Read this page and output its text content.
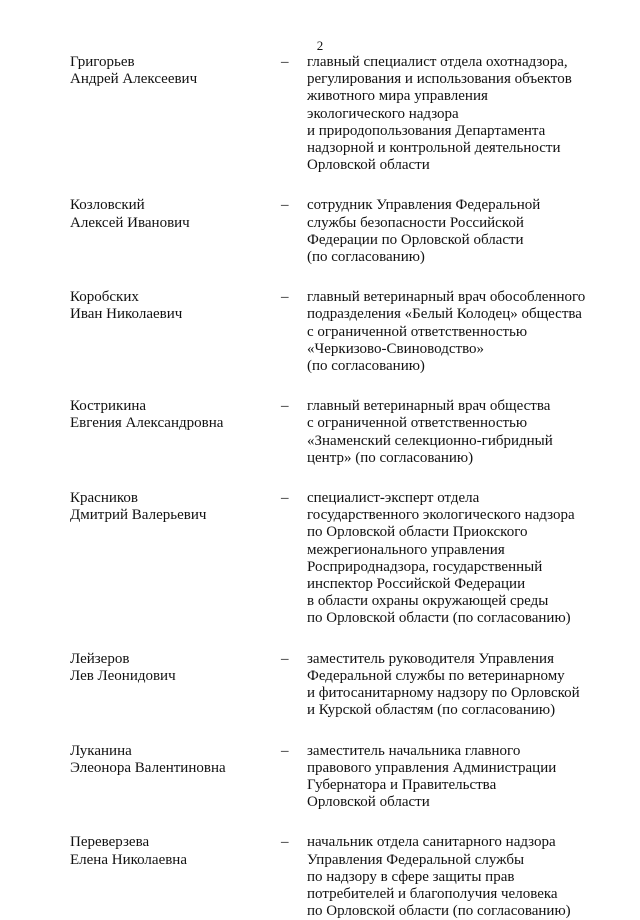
2
Григорьев
Андрей Алексеевич
–	главный специалист отдела охотнадзора,
регулирования и использования объектов
животного мира управления
экологического надзора
и природопользования Департамента
надзорной и контрольной деятельности
Орловской области
Козловский
Алексей Иванович
–	сотрудник Управления Федеральной
службы безопасности Российской
Федерации по Орловской области
(по согласованию)
Коробских
Иван Николаевич
–	главный ветеринарный врач обособленного
подразделения «Белый Колодец» общества
с ограниченной ответственностью
«Черкизово-Свиноводство»
(по согласованию)
Кострикина
Евгения Александровна
–	главный ветеринарный врач общества
с ограниченной ответственностью
«Знаменский селекционно-гибридный
центр» (по согласованию)
Красников
Дмитрий Валерьевич
–	специалист-эксперт отдела
государственного экологического надзора
по Орловской области Приокского
межрегионального управления
Росприроднадзора, государственный
инспектор Российской Федерации
в области охраны окружающей среды
по Орловской области (по согласованию)
Лейзеров
Лев Леонидович
–	заместитель руководителя Управления
Федеральной службы по ветеринарному
и фитосанитарному надзору по Орловской
и Курской областям (по согласованию)
Луканина
Элеонора Валентиновна
–	заместитель начальника главного
правового управления Администрации
Губернатора и Правительства
Орловской области
Переверзева
Елена Николаевна
–	начальник отдела санитарного надзора
Управления Федеральной службы
по надзору в сфере защиты прав
потребителей и благополучия человека
по Орловской области (по согласованию)
